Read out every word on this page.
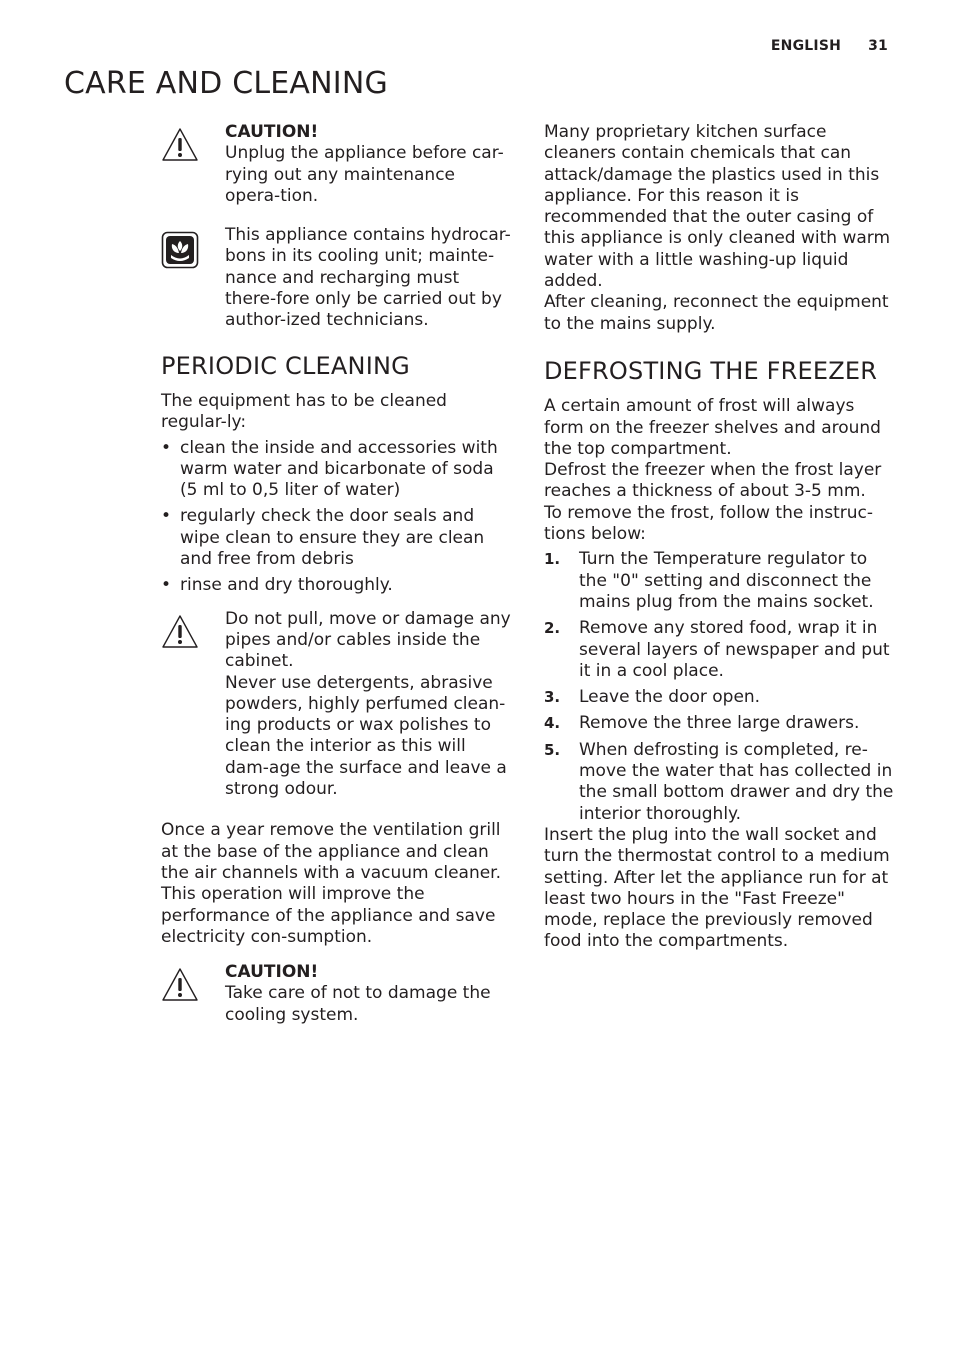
ENGLISH 31
CARE AND CLEANING

CAUTION!

Unplug the appliance before car-rying out any maintenance opera-tion.

This appliance contains hydrocar-bons in its cooling unit; mainte-nance and recharging must there-fore only be carried out by author-ized technicians.

PERIODIC CLEANING

The equipment has to be cleaned regular-ly:

• clean the inside and accessories with warm water and bicarbonate of soda (5 ml to 0,5 liter of water)
• regularly check the door seals and wipe clean to ensure they are clean and free from debris
• rinse and dry thoroughly.

Do not pull, move or damage any pipes and/or cables inside the cabinet.

Never use detergents, abrasive powders, highly perfumed clean-ing products or wax polishes to clean the interior as this will dam-age the surface and leave a strong odour.

Once a year remove the ventilation grill at the base of the appliance and clean the air channels with a vacuum cleaner. This operation will improve the performance of the appliance and save electricity con-sumption.

CAUTION!

Take care of not to damage the cooling system.

Many proprietary kitchen surface cleaners contain chemicals that can attack/damage the plastics used in this appliance. For this reason it is recommended that the outer casing of this appliance is only cleaned with warm water with a little washing-up liquid added.

After cleaning, reconnect the equipment to the mains supply.

DEFROSTING THE FREEZER

A certain amount of frost will always form on the freezer shelves and around the top compartment.

Defrost the freezer when the frost layer reaches a thickness of about 3-5 mm.

To remove the frost, follow the instruc-tions below:

1. Turn the Temperature regulator to the "0" setting and disconnect the mains plug from the mains socket.
2. Remove any stored food, wrap it in several layers of newspaper and put it in a cool place.
3. Leave the door open.
4. Remove the three large drawers.
5. When defrosting is completed, re-move the water that has collected in the small bottom drawer and dry the interior thoroughly.

Insert the plug into the wall socket and turn the thermostat control to a medium setting. After let the appliance run for at least two hours in the "Fast Freeze" mode, replace the previously removed food into the compartments.
